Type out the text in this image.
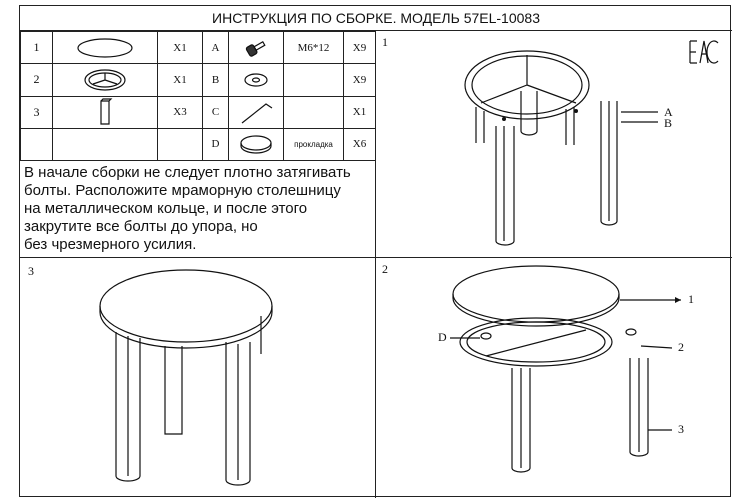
ИНСТРУКЦИЯ ПО СБОРКЕ. МОДЕЛЬ 57EL-10083
1		X1	A		M6*12	X9
2		X1	B			X9
3		X3	C			X1
			D		прокладка	X6
В начале сборки не следует плотно затягивать
болты. Расположите мраморную столешницу
на металлическом кольце, и после этого
закрутите все болты до упора, но
без чрезмерного усилия.
1
A
B
3	2
1
2
3
D
